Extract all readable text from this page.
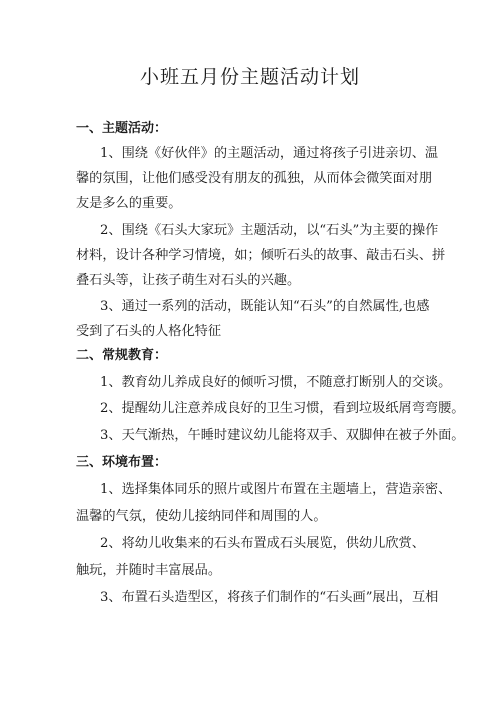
小班五月份主题活动计划
一、主题活动：
1、围绕《好伙伴》的主题活动，通过将孩子引进亲切、温
馨的氛围，让他们感受没有朋友的孤独，从而体会微笑面对朋
友是多么的重要。
2、围绕《石头大家玩》主题活动，以“石头”为主要的操作
材料，设计各种学习情境，如；倾听石头的故事、敲击石头、拼
叠石头等，让孩子萌生对石头的兴趣。
3、通过一系列的活动，既能认知“石头”的自然属性,也感
受到了石头的人格化特征
二、常规教育：
1、教育幼儿养成良好的倾听习惯，不随意打断别人的交谈。
2、提醒幼儿注意养成良好的卫生习惯，看到垃圾纸屑弯弯腰。
3、天气渐热，午睡时建议幼儿能将双手、双脚伸在被子外面。
三、环境布置：
1、选择集体同乐的照片或图片布置在主题墙上，营造亲密、
温馨的气氛，使幼儿接纳同伴和周围的人。
2、将幼儿收集来的石头布置成石头展览，供幼儿欣赏、
触玩，并随时丰富展品。
3、布置石头造型区，将孩子们制作的“石头画”展出，互相
